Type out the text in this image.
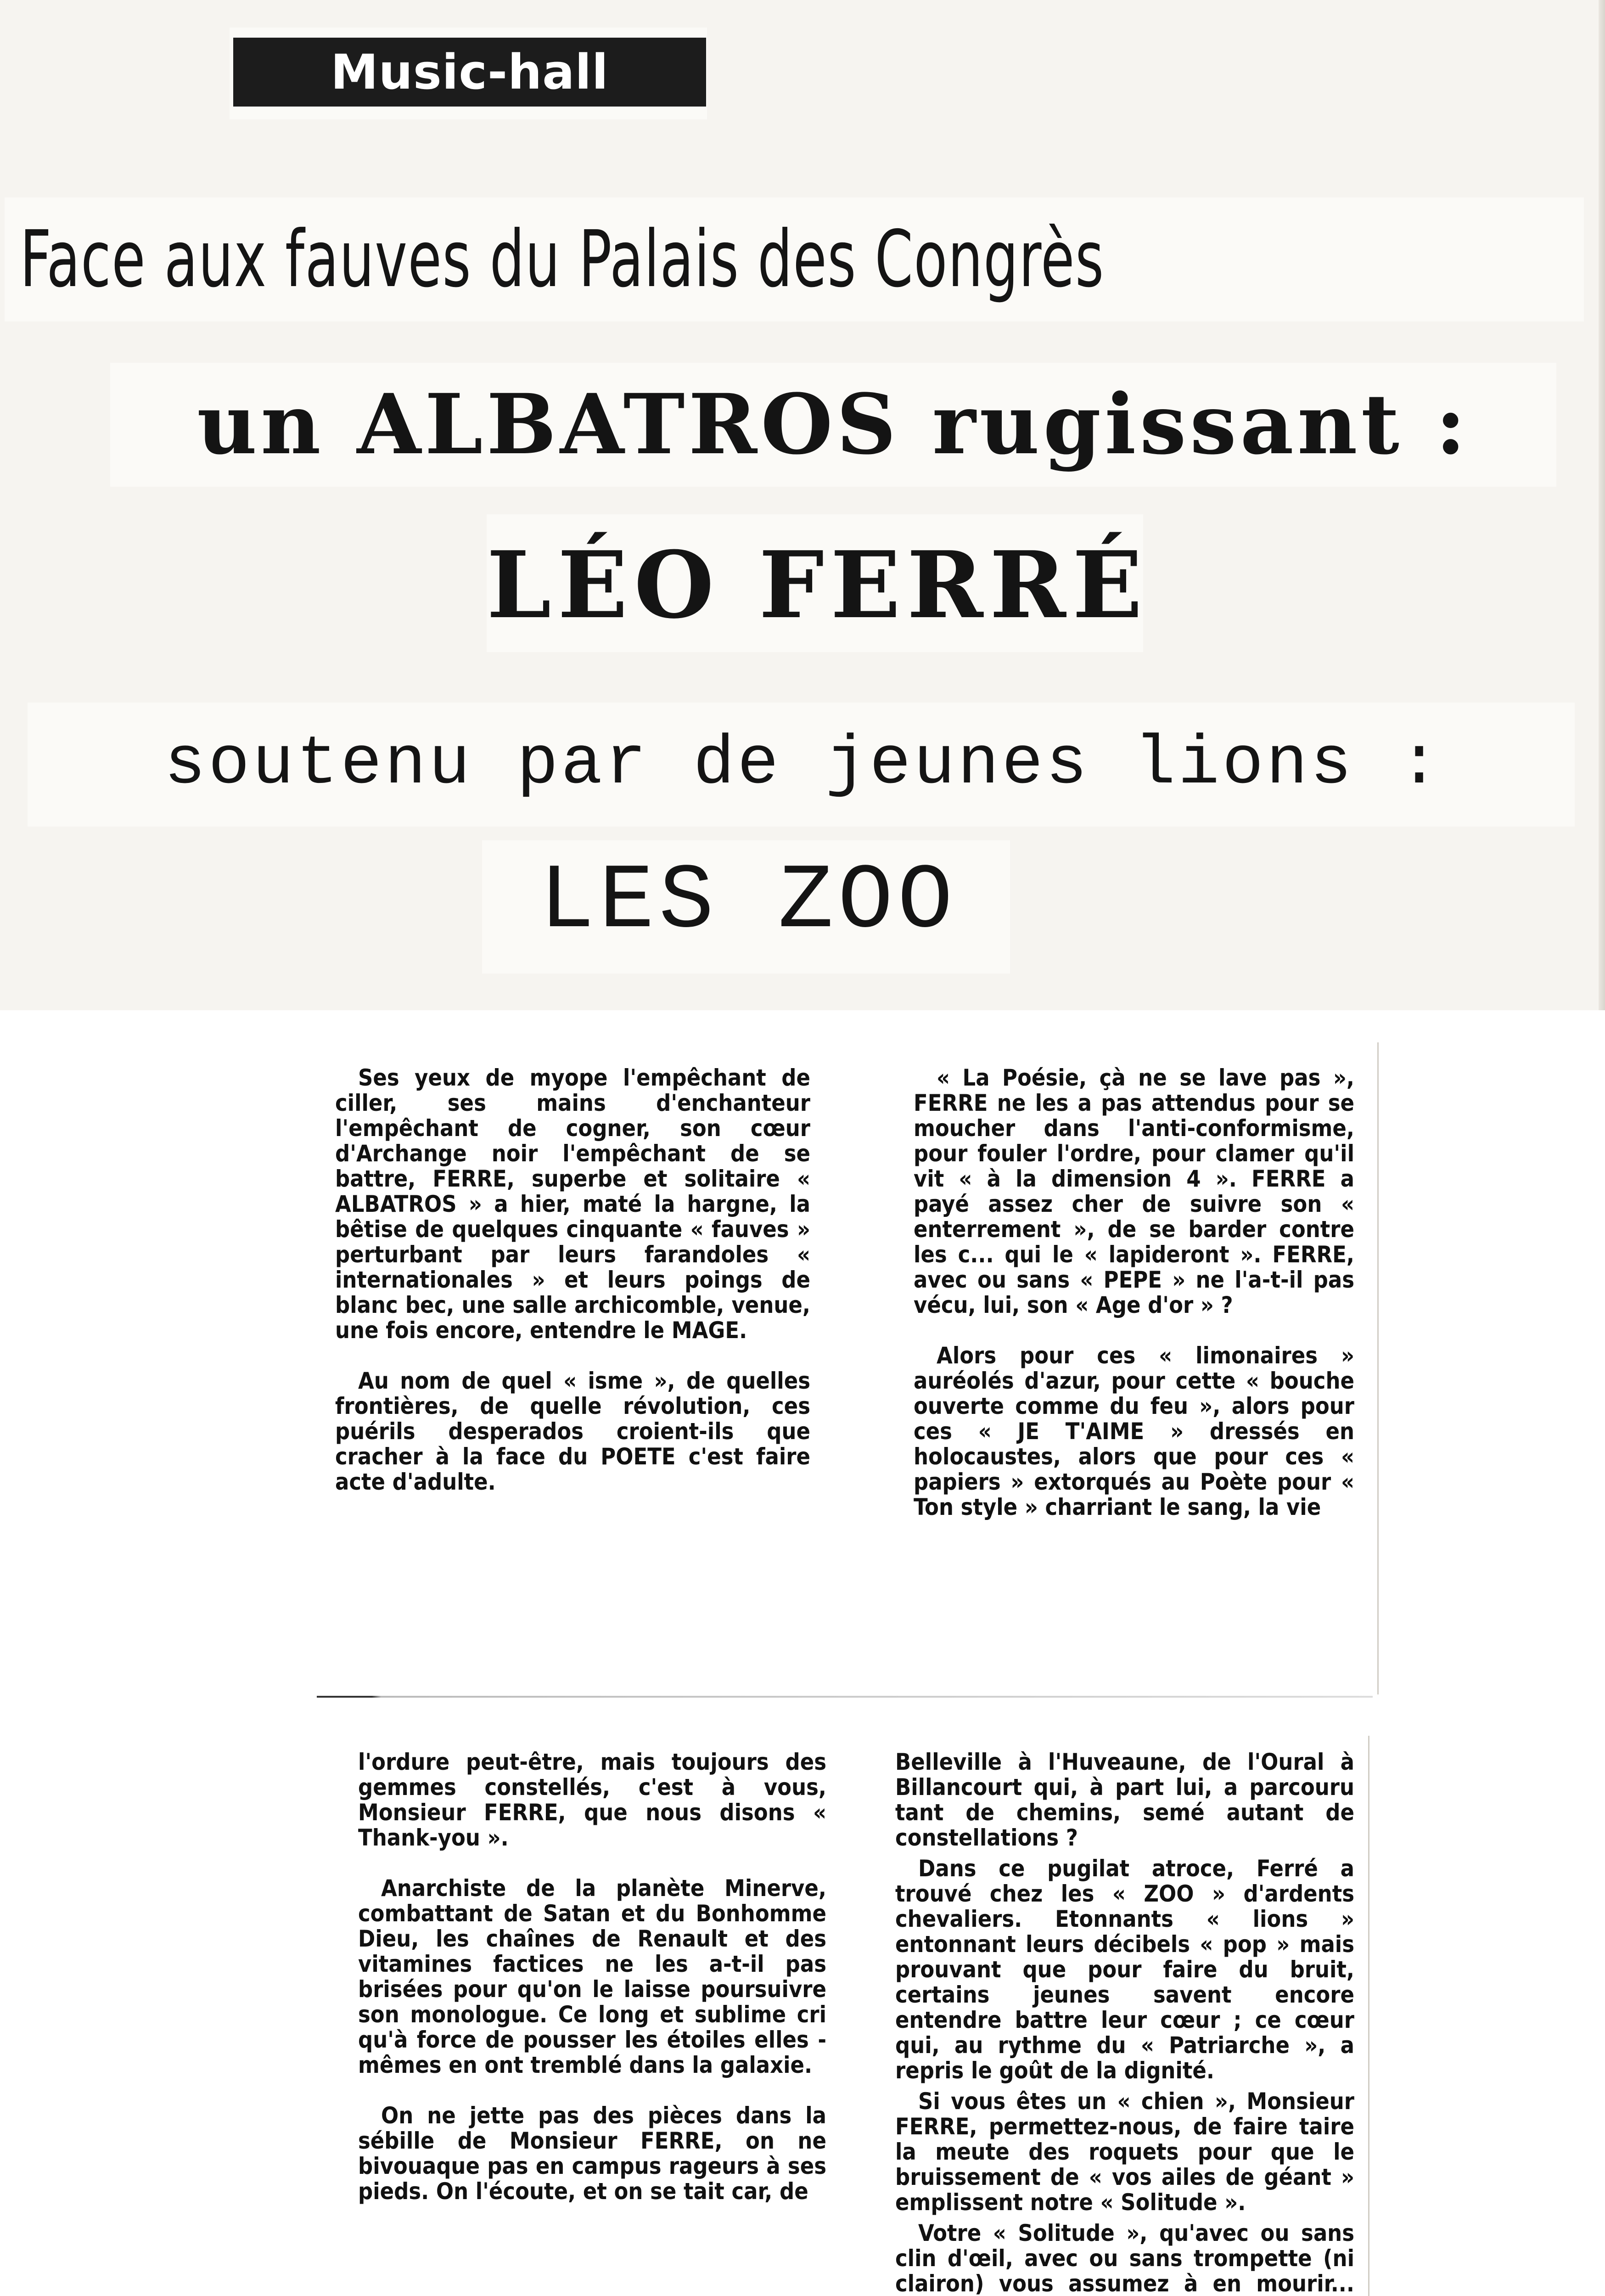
Music-hall
Face aux fauves du Palais des Congrès
un ALBATROS rugissant :
LÉO FERRÉ
soutenu par de jeunes lions :
LES ZOO

Ses yeux de myope l'empêchant de ciller, ses mains d'enchanteur l'empêchant de cogner, son cœur d'Archange noir l'empêchant de se battre, FERRE, superbe et solitaire « ALBATROS » a hier, maté la hargne, la bêtise de quelques cinquante « fauves » perturbant par leurs farandoles « internationales » et leurs poings de blanc bec, une salle archicomble, venue, une fois encore, entendre le MAGE.

Au nom de quel « isme », de quelles frontières, de quelle révolution, ces puérils desperados croient-ils que cracher à la face du POETE c'est faire acte d'adulte.

« La Poésie, çà ne se lave pas », FERRE ne les a pas attendus pour se moucher dans l'anti-conformisme, pour fouler l'ordre, pour clamer qu'il vit « à la dimension 4 ». FERRE a payé assez cher de suivre son « enterrement », de se barder contre les c... qui le « lapideront ». FERRE, avec ou sans « PEPE » ne l'a-t-il pas vécu, lui, son « Age d'or » ?

Alors pour ces « limonaires » auréolés d'azur, pour cette « bouche ouverte comme du feu », alors pour ces « JE T'AIME » dressés en holocaustes, alors que pour ces « papiers » extorqués au Poète pour « Ton style » charriant le sang, la vie

l'ordure peut-être, mais toujours des gemmes constellés, c'est à vous, Monsieur FERRE, que nous disons « Thank-you ».

Anarchiste de la planète Minerve, combattant de Satan et du Bonhomme Dieu, les chaînes de Renault et des vitamines factices ne les a-t-il pas brisées pour qu'on le laisse poursuivre son monologue. Ce long et sublime cri qu'à force de pousser les étoiles elles -mêmes en ont tremblé dans la galaxie.

On ne jette pas des pièces dans la sébille de Monsieur FERRE, on ne bivouaque pas en campus rageurs à ses pieds. On l'écoute, et on se tait car, de

Belleville à l'Huveaune, de l'Oural à Billancourt qui, à part lui, a parcouru tant de chemins, semé autant de constellations ?

Dans ce pugilat atroce, Ferré a trouvé chez les « ZOO » d'ardents chevaliers. Etonnants « lions » entonnant leurs décibels « pop » mais prouvant que pour faire du bruit, certains jeunes savent encore entendre battre leur cœur ; ce cœur qui, au rythme du « Patriarche », a repris le goût de la dignité.

Si vous êtes un « chien », Monsieur FERRE, permettez-nous, de faire taire la meute des roquets pour que le bruissement de « vos ailes de géant » emplissent notre « Solitude ».

Votre « Solitude », qu'avec ou sans clin d'œil, avec ou sans trompette (ni clairon) vous assumez à en mourir...
